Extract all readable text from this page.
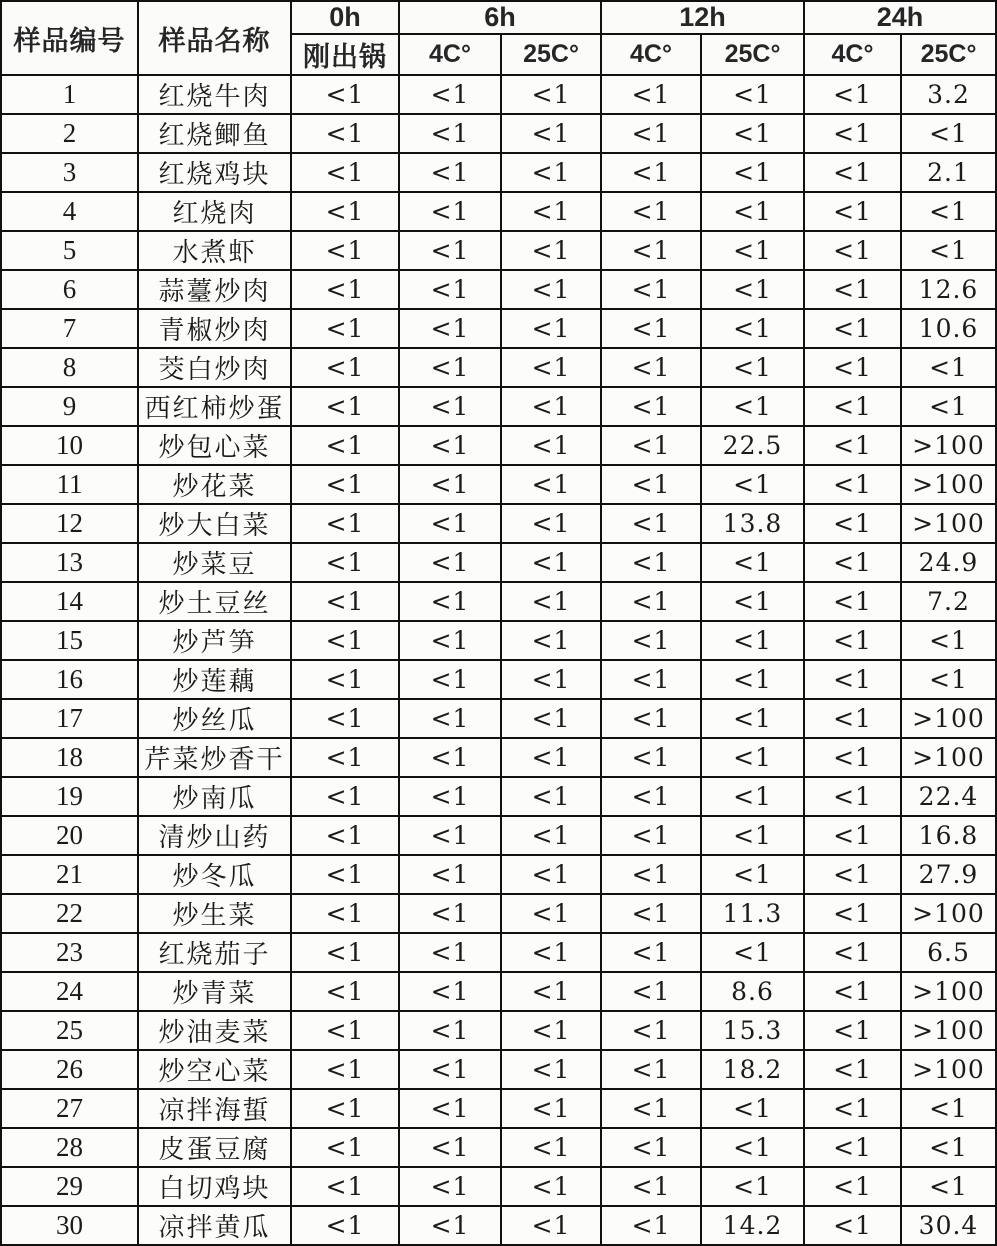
样品编号	样品名称	0h	6h		12h		24h	
		刚出锅	4C°	25C°	4C°	25C°	4C°	25C°
1	红烧牛肉	<1	<1	<1	<1	<1	<1	3.2
2	红烧鲫鱼	<1	<1	<1	<1	<1	<1	<1
3	红烧鸡块	<1	<1	<1	<1	<1	<1	2.1
4	红烧肉	<1	<1	<1	<1	<1	<1	<1
5	水煮虾	<1	<1	<1	<1	<1	<1	<1
6	蒜薹炒肉	<1	<1	<1	<1	<1	<1	12.6
7	青椒炒肉	<1	<1	<1	<1	<1	<1	10.6
8	茭白炒肉	<1	<1	<1	<1	<1	<1	<1
9	西红柿炒蛋	<1	<1	<1	<1	<1	<1	<1
10	炒包心菜	<1	<1	<1	<1	22.5	<1	>100
11	炒花菜	<1	<1	<1	<1	<1	<1	>100
12	炒大白菜	<1	<1	<1	<1	13.8	<1	>100
13	炒菜豆	<1	<1	<1	<1	<1	<1	24.9
14	炒土豆丝	<1	<1	<1	<1	<1	<1	7.2
15	炒芦笋	<1	<1	<1	<1	<1	<1	<1
16	炒莲藕	<1	<1	<1	<1	<1	<1	<1
17	炒丝瓜	<1	<1	<1	<1	<1	<1	>100
18	芹菜炒香干	<1	<1	<1	<1	<1	<1	>100
19	炒南瓜	<1	<1	<1	<1	<1	<1	22.4
20	清炒山药	<1	<1	<1	<1	<1	<1	16.8
21	炒冬瓜	<1	<1	<1	<1	<1	<1	27.9
22	炒生菜	<1	<1	<1	<1	11.3	<1	>100
23	红烧茄子	<1	<1	<1	<1	<1	<1	6.5
24	炒青菜	<1	<1	<1	<1	8.6	<1	>100
25	炒油麦菜	<1	<1	<1	<1	15.3	<1	>100
26	炒空心菜	<1	<1	<1	<1	18.2	<1	>100
27	凉拌海蜇	<1	<1	<1	<1	<1	<1	<1
28	皮蛋豆腐	<1	<1	<1	<1	<1	<1	<1
29	白切鸡块	<1	<1	<1	<1	<1	<1	<1
30	凉拌黄瓜	<1	<1	<1	<1	14.2	<1	30.4
